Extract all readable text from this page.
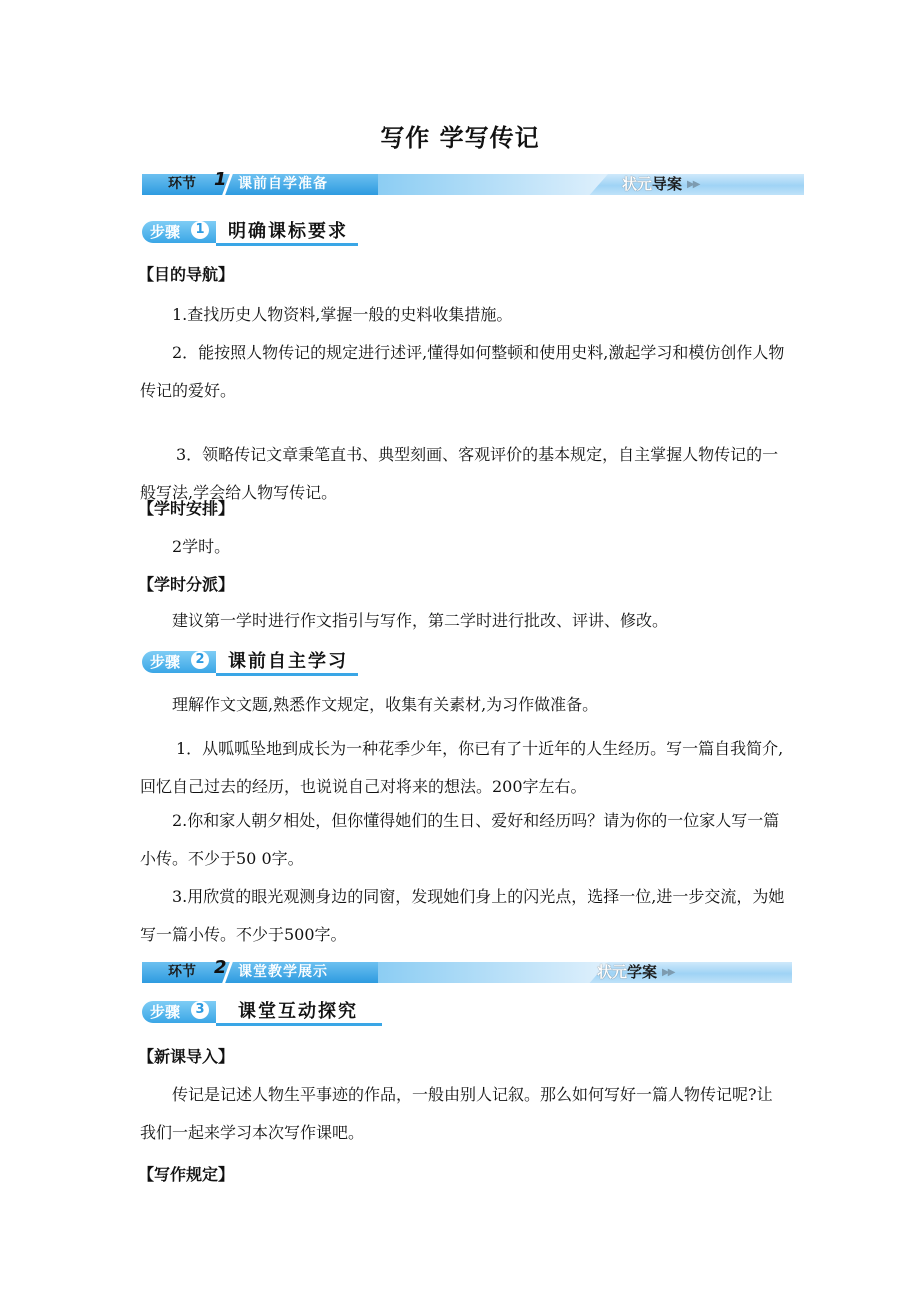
写作 学写传记
环节 1 课前自学准备	状元导案 ▶▶
步骤	1 明确课标要求
【目的导航】
1.查找历史人物资料,掌握一般的史料收集措施。
2．能按照人物传记的规定进行述评,懂得如何整顿和使用史料,激起学习和模仿创作人物传记的爱好。
3．领略传记文章秉笔直书、典型刻画、客观评价的基本规定，自主掌握人物传记的一般写法,学会给人物写传记。
【学时安排】
2学时。
【学时分派】
建议第一学时进行作文指引与写作，第二学时进行批改、评讲、修改。
步骤	2 课前自主学习
理解作文文题,熟悉作文规定，收集有关素材,为习作做准备。
1．从呱呱坠地到成长为一种花季少年，你已有了十近年的人生经历。写一篇自我简介,回忆自己过去的经历，也说说自己对将来的想法。200字左右。
2.你和家人朝夕相处，但你懂得她们的生日、爱好和经历吗？请为你的一位家人写一篇小传。不少于50 0字。
3.用欣赏的眼光观测身边的同窗，发现她们身上的闪光点，选择一位,进一步交流，为她写一篇小传。不少于500字。
环节 2 课堂教学展示	状元学案 ▶▶
步骤	3 课堂互动探究
【新课导入】
传记是记述人物生平事迹的作品，一般由别人记叙。那么如何写好一篇人物传记呢?让我们一起来学习本次写作课吧。
【写作规定】
